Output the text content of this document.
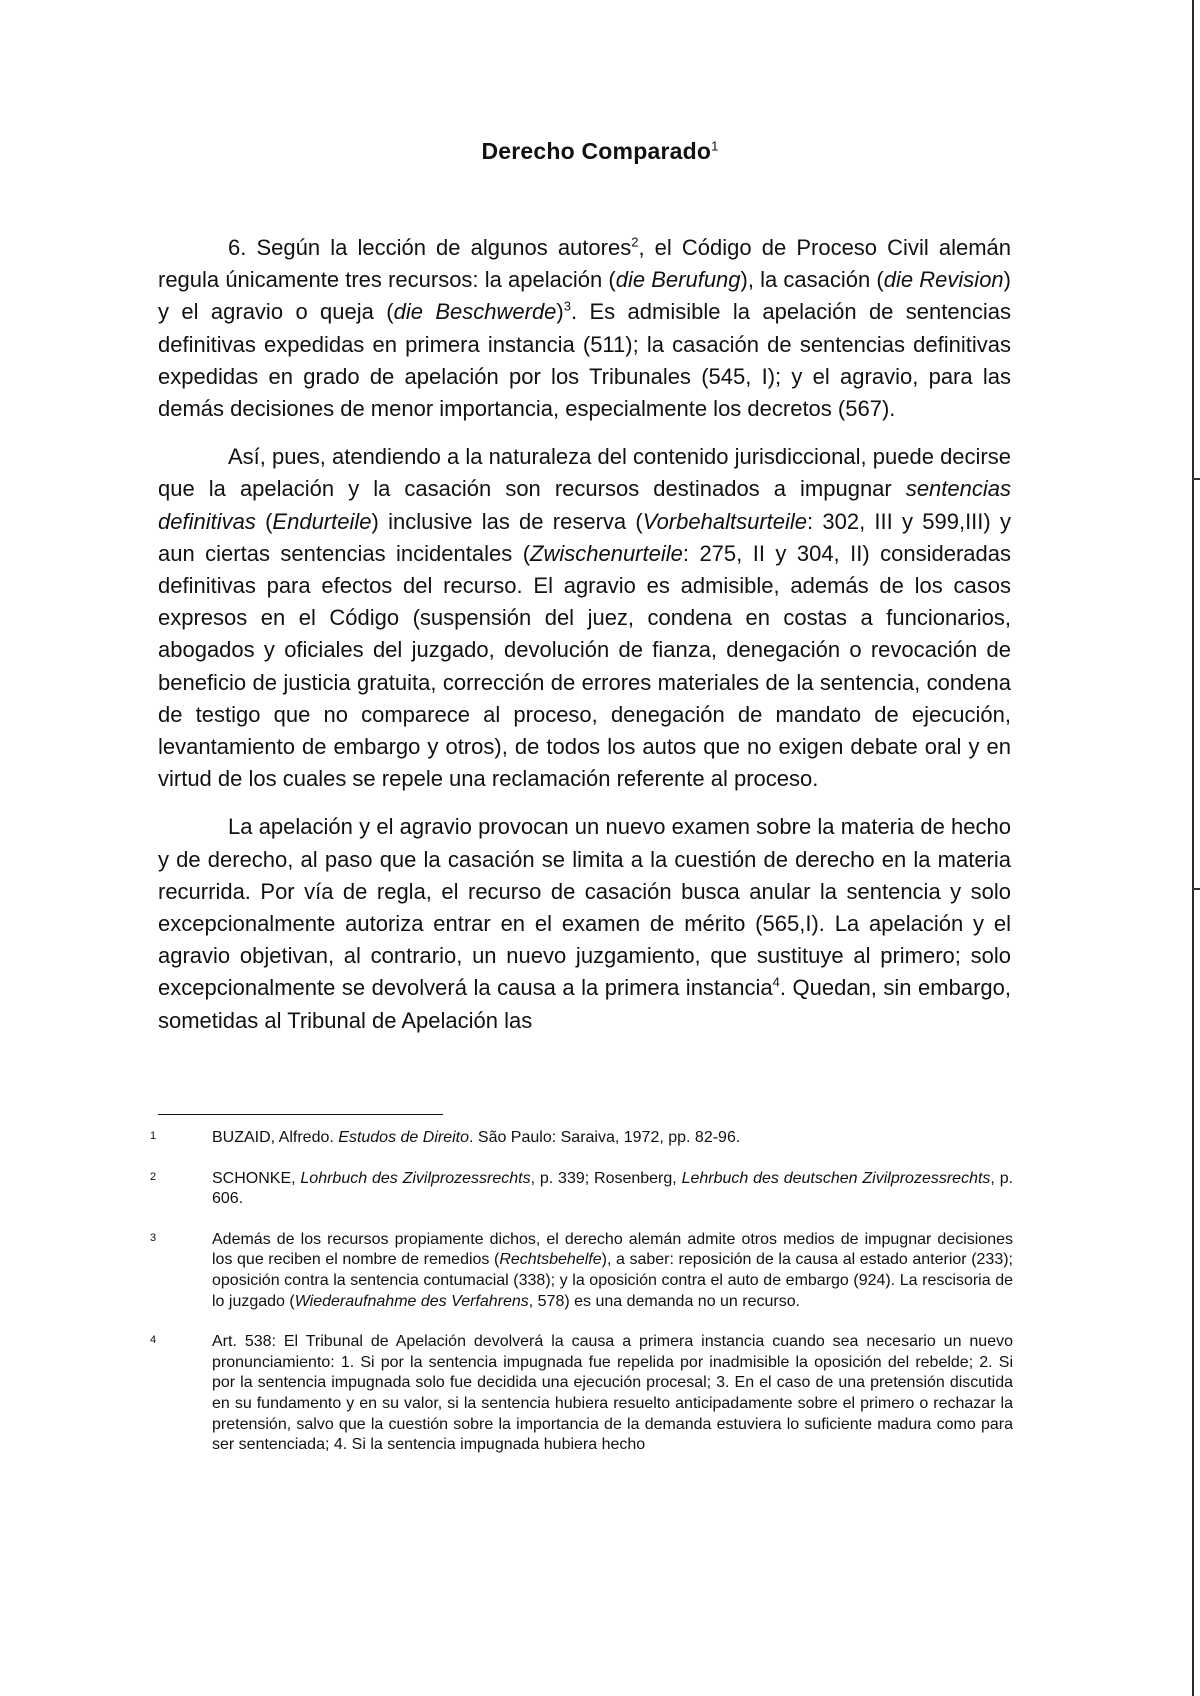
Derecho Comparado$^1$

6. Según la lección de algunos autores$^2$, el Código de Proceso Civil alemán regula únicamente tres recursos: la apelación (die Berufung), la casación (die Revision) y el agravio o queja (die Beschwerde)$^3$. Es admisible la apelación de sentencias definitivas expedidas en primera instancia (511); la casación de sentencias definitivas expedidas en grado de apelación por los Tribunales (545, I); y el agravio, para las demás decisiones de menor importancia, especialmente los decretos (567).

Así, pues, atendiendo a la naturaleza del contenido jurisdiccional, puede decirse que la apelación y la casación son recursos destinados a impugnar sentencias definitivas (Endurteile) inclusive las de reserva (Vorbehaltsurteile: 302, III y 599,III) y aun ciertas sentencias incidentales (Zwischenurteile: 275, II y 304, II) consideradas definitivas para efectos del recurso. El agravio es admisible, además de los casos expresos en el Código (suspensión del juez, condena en costas a funcionarios, abogados y oficiales del juzgado, devolución de fianza, denegación o revocación de beneficio de justicia gratuita, corrección de errores materiales de la sentencia, condena de testigo que no comparece al proceso, denegación de mandato de ejecución, levantamiento de embargo y otros), de todos los autos que no exigen debate oral y en virtud de los cuales se repele una reclamación referente al proceso.

La apelación y el agravio provocan un nuevo examen sobre la materia de hecho y de derecho, al paso que la casación se limita a la cuestión de derecho en la materia recurrida. Por vía de regla, el recurso de casación busca anular la sentencia y solo excepcionalmente autoriza entrar en el examen de mérito (565,I). La apelación y el agravio objetivan, al contrario, un nuevo juzgamiento, que sustituye al primero; solo excepcionalmente se devolverá la causa a la primera instancia$^4$. Quedan, sin embargo, sometidas al Tribunal de Apelación las

1	BUZAID, Alfredo. Estudos de Direito. São Paulo: Saraiva, 1972, pp. 82-96.
2	SCHONKE, Lohrbuch des Zivilprozessrechts, p. 339; Rosenberg, Lehrbuch des deutschen Zivilprozessrechts, p. 606.
3	Además de los recursos propiamente dichos, el derecho alemán admite otros medios de impugnar decisiones los que reciben el nombre de remedios (Rechtsbehelfe), a saber: reposición de la causa al estado anterior (233); oposición contra la sentencia contumacial (338); y la oposición contra el auto de embargo (924). La rescisoria de lo juzgado (Wiederaufnahme des Verfahrens, 578) es una demanda no un recurso.
4	Art. 538: El Tribunal de Apelación devolverá la causa a primera instancia cuando sea necesario un nuevo pronunciamiento: 1. Si por la sentencia impugnada fue repelida por inadmisible la oposición del rebelde; 2. Si por la sentencia impugnada solo fue decidida una ejecución procesal; 3. En el caso de una pretensión discutida en su fundamento y en su valor, si la sentencia hubiera resuelto anticipadamente sobre el primero o rechazar la pretensión, salvo que la cuestión sobre la importancia de la demanda estuviera lo suficiente madura como para ser sentenciada; 4. Si la sentencia impugnada hubiera hecho
